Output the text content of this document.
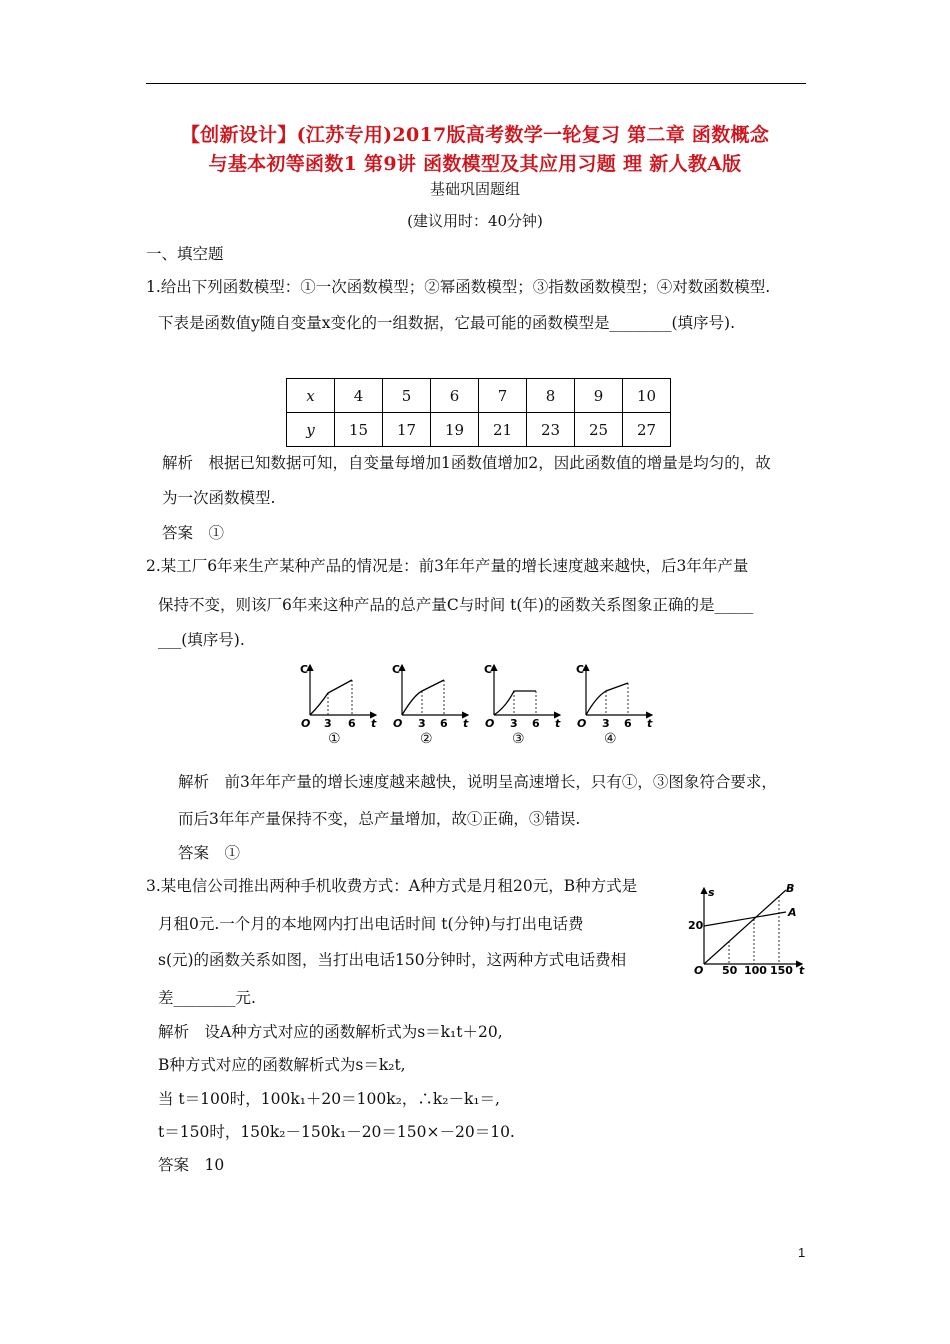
【创新设计】(江苏专用)2017版高考数学一轮复习 第二章 函数概念
与基本初等函数1 第9讲 函数模型及其应用习题 理 新人教A版
基础巩固题组
(建议用时：40分钟)
一、填空题
1.给出下列函数模型：①一次函数模型；②幂函数模型；③指数函数模型；④对数函数模型.
下表是函数值y随自变量x变化的一组数据，它最可能的函数模型是________(填序号).
x	4	5	6	7	8	9	10
y	15	17	19	21	23	25	27
解析　根据已知数据可知，自变量每增加1函数值增加2，因此函数值的增量是均匀的，故
为一次函数模型.
答案　①
2.某工厂6年来生产某种产品的情况是：前3年年产量的增长速度越来越快，后3年年产量
保持不变，则该厂6年来这种产品的总产量C与时间 t(年)的函数关系图象正确的是_____
___(填序号).
C
O 3 6 t
C
O 3 6 t
C
O 3 6 t
C
O 3 6 t
①	②	③	④
解析　前3年年产量的增长速度越来越快，说明呈高速增长，只有①，③图象符合要求，
而后3年年产量保持不变，总产量增加，故①正确，③错误.
答案　①
3.某电信公司推出两种手机收费方式：A种方式是月租20元，B种方式是
月租0元.一个月的本地网内打出电话时间 t(分钟)与打出电话费
s(元)的函数关系如图，当打出电话150分钟时，这两种方式电话费相
差________元.
s
20
O 50 100 150 t
A
B
解析　设A种方式对应的函数解析式为s＝k₁t＋20,
B种方式对应的函数解析式为s＝k₂t,
当 t＝100时，100k₁＋20＝100k₂，∴k₂－k₁＝,
t＝150时，150k₂－150k₁－20＝150×－20＝10.
答案　10
1
